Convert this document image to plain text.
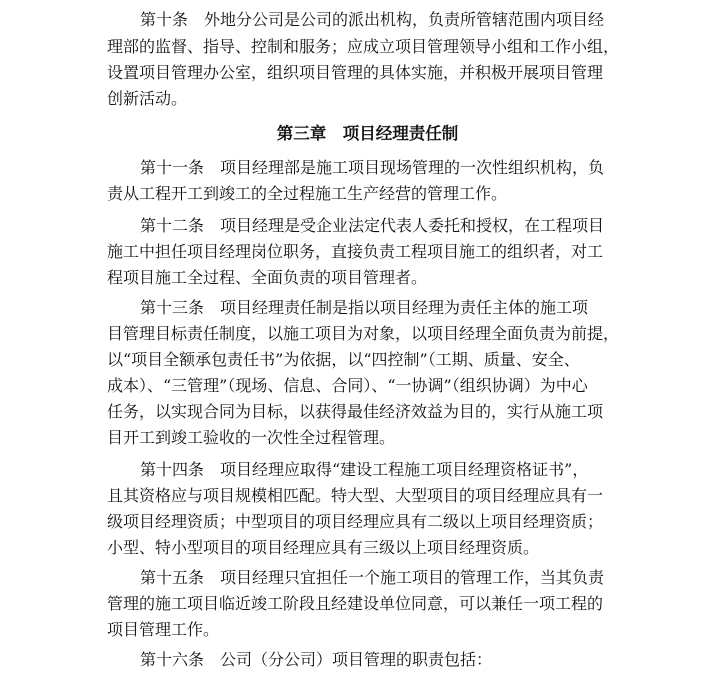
第十条　外地分公司是公司的派出机构，负责所管辖范围内项目经
理部的监督、指导、控制和服务；应成立项目管理领导小组和工作小组，
设置项目管理办公室，组织项目管理的具体实施，并积极开展项目管理
创新活动。
第三章　项目经理责任制
第十一条　项目经理部是施工项目现场管理的一次性组织机构，负
责从工程开工到竣工的全过程施工生产经营的管理工作。
第十二条　项目经理是受企业法定代表人委托和授权，在工程项目
施工中担任项目经理岗位职务，直接负责工程项目施工的组织者，对工
程项目施工全过程、全面负责的项目管理者。
第十三条　项目经理责任制是指以项目经理为责任主体的施工项
目管理目标责任制度，以施工项目为对象，以项目经理全面负责为前提，
以“项目全额承包责任书”为依据，以“四控制”（工期、质量、安全、
成本）、“三管理”（现场、信息、合同）、“一协调”（组织协调）为中心
任务，以实现合同为目标，以获得最佳经济效益为目的，实行从施工项
目开工到竣工验收的一次性全过程管理。
第十四条　项目经理应取得“建设工程施工项目经理资格证书”，
且其资格应与项目规模相匹配。特大型、大型项目的项目经理应具有一
级项目经理资质；中型项目的项目经理应具有二级以上项目经理资质；
小型、特小型项目的项目经理应具有三级以上项目经理资质。
第十五条　项目经理只宜担任一个施工项目的管理工作，当其负责
管理的施工项目临近竣工阶段且经建设单位同意，可以兼任一项工程的
项目管理工作。
第十六条　公司（分公司）项目管理的职责包括：
